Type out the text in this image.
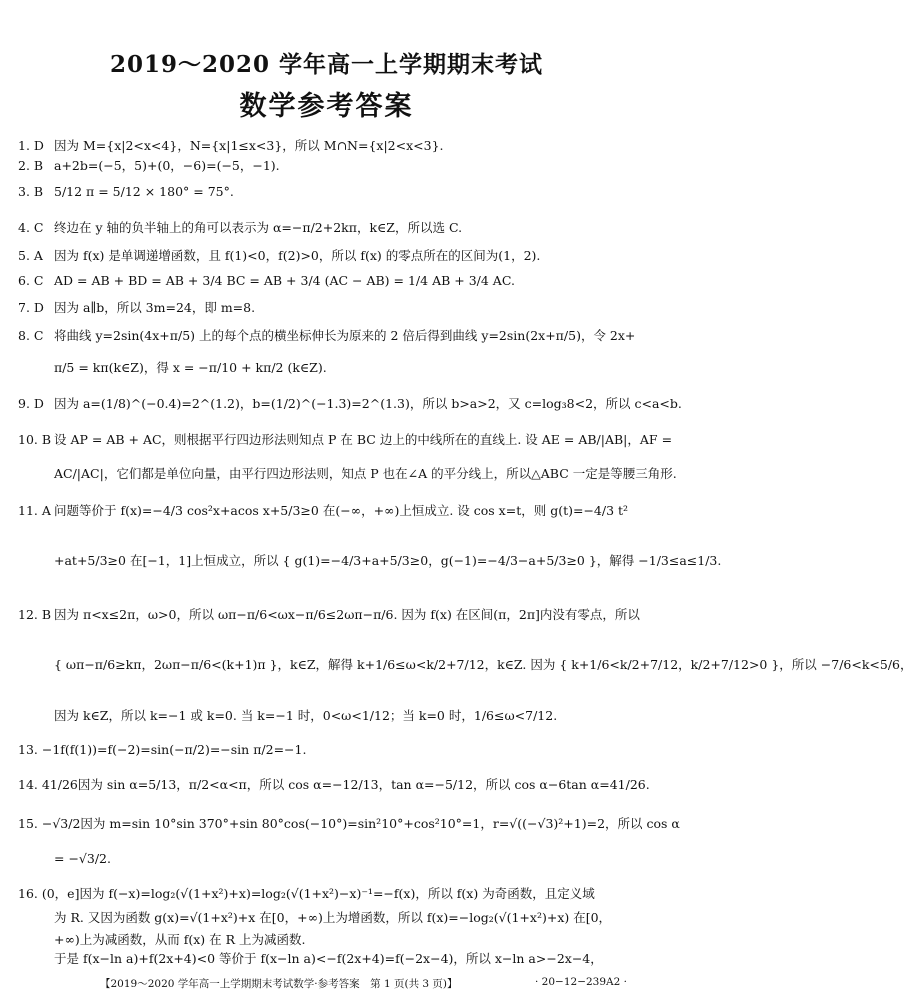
2019～2020 学年高一上学期期末考试
数学参考答案
1. D 因为 M={x|2<x<4}，N={x|1≤x<3}，所以 M∩N={x|2<x<3}.
2. B a+2b=(−5，5)+(0，−6)=(−5，−1).
3. B 5/12 π = 5/12 × 180° = 75°.
4. C 终边在 y 轴的负半轴上的角可以表示为 α=−π/2+2kπ，k∈Z，所以选 C.
5. A 因为 f(x) 是单调递增函数，且 f(1)<0，f(2)>0，所以 f(x) 的零点所在的区间为(1，2).
6. C AD = AB + BD = AB + 3/4 BC = AB + 3/4 (AC − AB) = 1/4 AB + 3/4 AC.
7. D 因为 a∥b，所以 3m=24，即 m=8.
8. C 将曲线 y=2sin(4x+π/5) 上的每个点的横坐标伸长为原来的 2 倍后得到曲线 y=2sin(2x+π/5)，令 2x+
π/5 = kπ(k∈Z)，得 x = −π/10 + kπ/2 (k∈Z).
9. D 因为 a=(1/8)^(−0.4)=2^(1.2)，b=(1/2)^(−1.3)=2^(1.3)，所以 b>a>2，又 c=log₃8<2，所以 c<a<b.
10. B 设 AP = AB + AC，则根据平行四边形法则知点 P 在 BC 边上的中线所在的直线上. 设 AE = AB/|AB|，AF =
AC/|AC|，它们都是单位向量，由平行四边形法则，知点 P 也在∠A 的平分线上，所以△ABC 一定是等腰三角形.
11. A 问题等价于 f(x)=−4/3 cos²x+acos x+5/3≥0 在(−∞，+∞)上恒成立. 设 cos x=t，则 g(t)=−4/3 t²
+at+5/3≥0 在[−1，1]上恒成立，所以 { g(1)=−4/3+a+5/3≥0，g(−1)=−4/3−a+5/3≥0 }，解得 −1/3≤a≤1/3.
12. B 因为 π<x≤2π，ω>0，所以 ωπ−π/6<ωx−π/6≤2ωπ−π/6. 因为 f(x) 在区间(π，2π]内没有零点，所以
{ ωπ−π/6≥kπ，2ωπ−π/6<(k+1)π }，k∈Z，解得 k+1/6≤ω<k/2+7/12，k∈Z. 因为 { k+1/6<k/2+7/12，k/2+7/12>0 }，所以 −7/6<k<5/6，
因为 k∈Z，所以 k=−1 或 k=0. 当 k=−1 时，0<ω<1/12；当 k=0 时，1/6≤ω<7/12.
13. −1f(f(1))=f(−2)=sin(−π/2)=−sin π/2=−1.
14. 41/26因为 sin α=5/13，π/2<α<π，所以 cos α=−12/13，tan α=−5/12，所以 cos α−6tan α=41/26.
15. −√3/2因为 m=sin 10°sin 370°+sin 80°cos(−10°)=sin²10°+cos²10°=1，r=√((−√3)²+1)=2，所以 cos α
= −√3/2.
16. (0，e]因为 f(−x)=log₂(√(1+x²)+x)=log₂(√(1+x²)−x)⁻¹=−f(x)，所以 f(x) 为奇函数，且定义域
为 R. 又因为函数 g(x)=√(1+x²)+x 在[0，+∞)上为增函数，所以 f(x)=−log₂(√(1+x²)+x) 在[0，
+∞)上为减函数，从而 f(x) 在 R 上为减函数.
于是 f(x−ln a)+f(2x+4)<0 等价于 f(x−ln a)<−f(2x+4)=f(−2x−4)，所以 x−ln a>−2x−4，
【2019～2020 学年高一上学期期末考试数学·参考答案　第 1 页(共 3 页)】	· 20−12−239A2 ·
